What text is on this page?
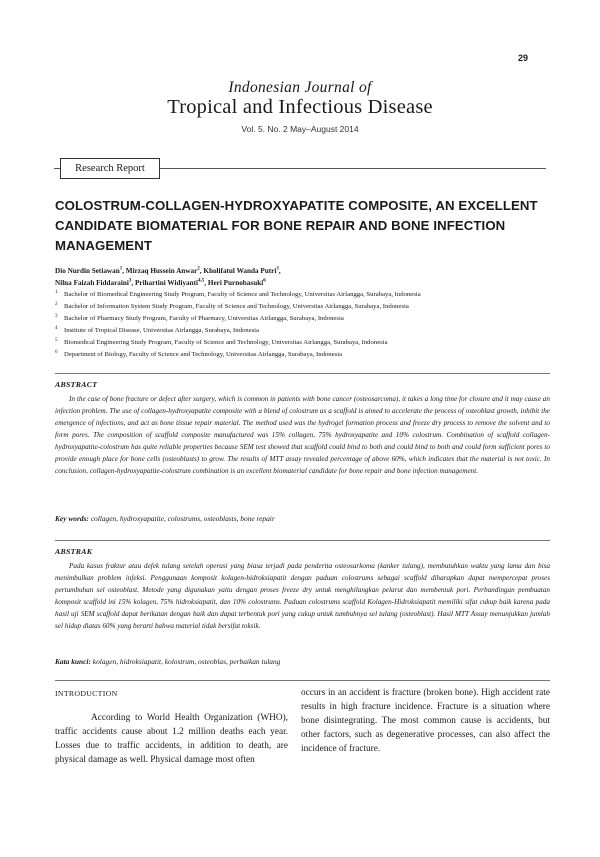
29
Indonesian Journal of
Tropical and Infectious Disease
Vol. 5. No. 2 May–August 2014
Research Report
COLOSTRUM-COLLAGEN-HYDROXYAPATITE COMPOSITE, AN EXCELLENT CANDIDATE BIOMATERIAL FOR BONE REPAIR AND BONE INFECTION MANAGEMENT
Dio Nurdin Setiawan$^1$, Mirzaq Hussein Anwar$^2$, Kholifatul Wanda Putri$^3$,
Nilna Faizah Fiddaraini$^3$, Prihartini Widiyanti$^{4,5}$, Heri Purnobasuki$^6$
$^1$ Bachelor of Biomedical Engineering Study Program, Faculty of Science and Technology, Universitas Airlangga, Surabaya, Indonesia
$^2$ Bachelor of Information System Study Program, Faculty of Science and Technology, Universitas Airlangga, Surabaya, Indonesia
$^3$ Bachelor of Pharmacy Study Program, Faculty of Pharmacy, Universitas Airlangga, Surabaya, Indonesia
$^4$ Institute of Tropical Disease, Universitas Airlangga, Surabaya, Indonesia
$^5$ Biomedical Engineering Study Program, Faculty of Science and Technology, Universitas Airlangga, Surabaya, Indonesia
$^6$ Department of Biology, Faculty of Science and Technology, Universitas Airlangga, Surabaya, Indonesia
ABSTRACT

In the case of bone fracture or defect after surgery, which is common in patients with bone cancer (osteosarcoma), it takes a long time for closure and it may cause an infection problem. The use of collagen-hydroxyapatite composite with a blend of colostrum as a scaffold is aimed to accelerate the process of osteoblast growth, inhibit the emergence of infections, and act as bone tissue repair material. The method used was the hydrogel formation process and freeze dry process to remove the solvent and to form pores. The composition of scaffold composite manufactured was 15% collagen, 75% hydroxyapatite and 10% colostrum. Combination of scaffold collagen-hydroxyapatite-colostrum has quite reliable properties because SEM test showed that scaffold could bind to both and could bind to both and could form sufficient pores to provide enough place for bone cells (osteoblasts) to grow. The results of MTT assay revealed percentage of above 60%, which indicates that the material is not toxic. In conclusion, collagen-hydroxyapatite-colostrum combination is an excellent biomaterial candidate for bone repair and bone infection management.

Key words: collagen, hydroxyapatite, colostrums, osteoblasts, bone repair
ABSTRAK

Pada kasus fraktur atau defek tulang setelah operasi yang biasa terjadi pada penderita osteosarkoma (kanker tulang), membutuhkan waktu yang lama dan bisa menimbulkan problem infeksi. Penggunaan komposit kolagen-hidroksiapatit dengan paduan colostrums sebagai scaffold diharapkan dapat mempercepat proses pertumbuhan sel osteoblast. Metode yang digunakan yaitu dengan proses freeze dry untuk menghilangkan pelarut dan membentuk pori. Perbandingan pembuatan komposit scaffold ini 15% kolagen, 75% hidroksiapatit, dan 10% colostrums. Paduan colostrums scaffold Kolagen-Hidroksiapatit memiliki sifat cukup baik karena pada hasil uji SEM scaffold dapat berikatan dengan baik dan dapat terbentuk pori yang cukup untuk tumbuhnya sel tulang (osteoblast). Hasil MTT Assay menunjukkan jumlah sel hidup diatas 60% yang berarti bahwa material tidak bersifat toksik.

Kata kunci: kolagen, hidroksiapatit, kolostrum, osteoblas, perbaikan tulang
INTRODUCTION

According to World Health Organization (WHO), traffic accidents cause about 1.2 million deaths each year. Losses due to traffic accidents, in addition to death, are physical damage as well. Physical damage most often

occurs in an accident is fracture (broken bone). High accident rate results in high fracture incidence. Fracture is a situation where bone disintegrating. The most common cause is accidents, but other factors, such as degenerative processes, can also affect the incidence of fracture.
